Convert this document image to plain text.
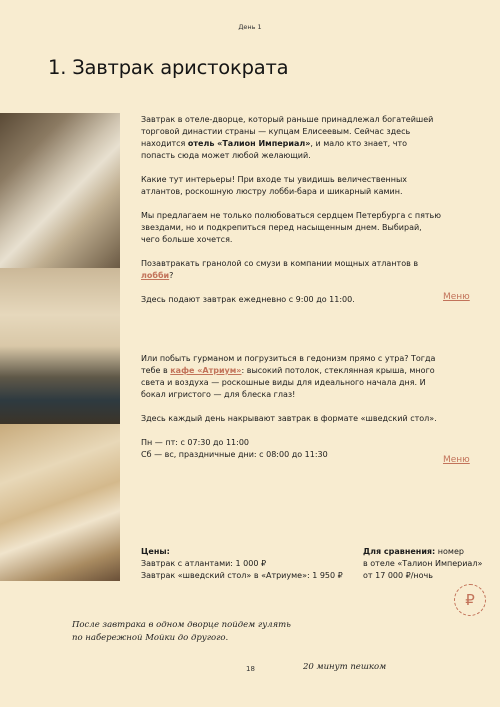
День 1
1. Завтрак аристократа

Завтрак в отеле-дворце, который раньше принадлежал богатейшей торговой династии страны — купцам Елисеевым. Сейчас здесь находится отель «Талион Империал», и мало кто знает, что попасть сюда может любой желающий.

Какие тут интерьеры! При входе ты увидишь величественных атлантов, роскошную люстру лобби-бара и шикарный камин.

Мы предлагаем не только полюбоваться сердцем Петербурга с пятью звездами, но и подкрепиться перед насыщенным днем. Выбирай, чего больше хочется.

Позавтракать гранолой со смузи в компании мощных атлантов в лобби?

Здесь подают завтрак ежедневно с 9:00 до 11:00.	Меню

Или побыть гурманом и погрузиться в гедонизм прямо с утра? Тогда тебе в кафе «Атриум»: высокий потолок, стеклянная крыша, много света и воздуха — роскошные виды для идеального начала дня. И бокал игристого — для блеска глаз!

Здесь каждый день накрывают завтрак в формате «шведский стол».

Пн — пт: с 07:30 до 11:00

Сб — вс, праздничные дни: с 08:00 до 11:30

Меню
Цены:
Завтрак с атлантами: 1 000 ₽
Завтрак «шведский стол» в «Атриуме»: 1 950 ₽
Для сравнения: номер
в отеле «Талион Империал»
от 17 000 ₽/ночь
₽
После завтрака в одном дворце пойдем гулять
по набережной Мойки до другого.
20 минут пешком
18
